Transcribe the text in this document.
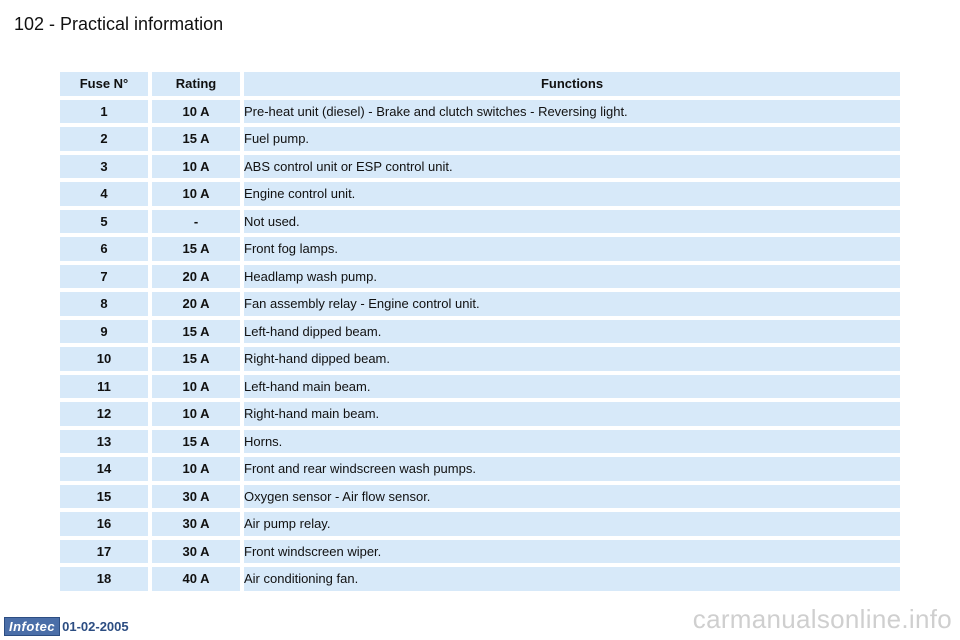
102 - Practical information
Fuse N°	Rating	Functions
1	10 A	Pre-heat unit (diesel) - Brake and clutch switches - Reversing light.
2	15 A	Fuel pump.
3	10 A	ABS control unit or ESP control unit.
4	10 A	Engine control unit.
5	-	Not used.
6	15 A	Front fog lamps.
7	20 A	Headlamp wash pump.
8	20 A	Fan assembly relay - Engine control unit.
9	15 A	Left-hand dipped beam.
10	15 A	Right-hand dipped beam.
11	10 A	Left-hand main beam.
12	10 A	Right-hand main beam.
13	15 A	Horns.
14	10 A	Front and rear windscreen wash pumps.
15	30 A	Oxygen sensor - Air flow sensor.
16	30 A	Air pump relay.
17	30 A	Front windscreen wiper.
18	40 A	Air conditioning fan.
Infotec 01-02-2005	carmanualsonline.info
